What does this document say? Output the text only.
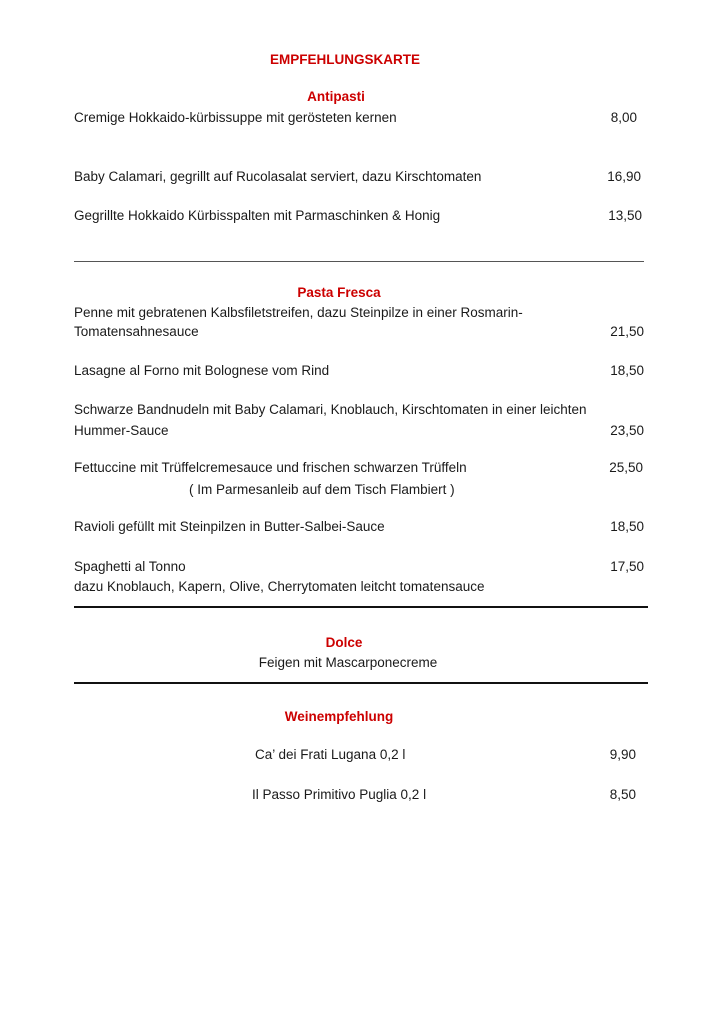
EMPFEHLUNGSKARTE
Antipasti
Cremige Hokkaido-kürbissuppe mit gerösteten kernen	8,00
Baby Calamari, gegrillt auf Rucolasalat serviert, dazu Kirschtomaten	16,90
Gegrillte Hokkaido Kürbisspalten mit Parmaschinken & Honig	13,50
Pasta Fresca
Penne mit gebratenen Kalbsfiletstreifen, dazu Steinpilze in einer Rosmarin-
Tomatensahnesauce	21,50
Lasagne al Forno mit Bolognese vom Rind	18,50
Schwarze Bandnudeln mit Baby Calamari, Knoblauch, Kirschtomaten in einer leichten
Hummer-Sauce	23,50
Fettuccine mit Trüffelcremesauce und frischen schwarzen Trüffeln	25,50
( Im Parmesanleib auf dem Tisch Flambiert )
Ravioli gefüllt mit Steinpilzen in Butter-Salbei-Sauce	18,50
Spaghetti al Tonno	17,50
dazu Knoblauch, Kapern, Olive, Cherrytomaten leitcht tomatensauce
Dolce
Feigen mit Mascarponecreme
Weinempfehlung
Ca’ dei Frati Lugana 0,2 l	9,90
Il Passo Primitivo Puglia 0,2 l	8,50
